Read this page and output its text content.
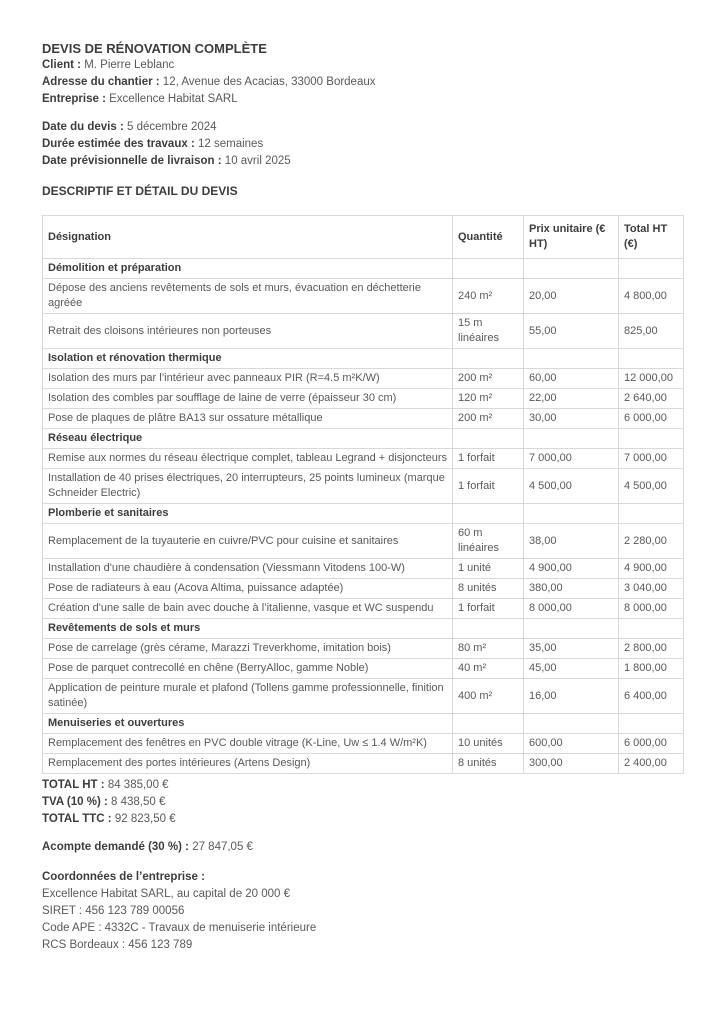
DEVIS DE RÉNOVATION COMPLÈTE

Client : M. Pierre Leblanc

Adresse du chantier : 12, Avenue des Acacias, 33000 Bordeaux

Entreprise : Excellence Habitat SARL

Date du devis : 5 décembre 2024

Durée estimée des travaux : 12 semaines

Date prévisionnelle de livraison : 10 avril 2025

DESCRIPTIF ET DÉTAIL DU DEVIS
Désignation	Quantité	Prix unitaire (€ HT)	Total HT (€)
Démolition et préparation			
Dépose des anciens revêtements de sols et murs, évacuation en déchetterie agréée	240 m²	20,00	4 800,00
Retrait des cloisons intérieures non porteuses	15 m linéaires	55,00	825,00
Isolation et rénovation thermique			
Isolation des murs par l’intérieur avec panneaux PIR (R=4.5 m²K/W)	200 m²	60,00	12 000,00
Isolation des combles par soufflage de laine de verre (épaisseur 30 cm)	120 m²	22,00	2 640,00
Pose de plaques de plâtre BA13 sur ossature métallique	200 m²	30,00	6 000,00
Réseau électrique			
Remise aux normes du réseau électrique complet, tableau Legrand + disjoncteurs	1 forfait	7 000,00	7 000,00
Installation de 40 prises électriques, 20 interrupteurs, 25 points lumineux (marque Schneider Electric)	1 forfait	4 500,00	4 500,00
Plomberie et sanitaires			
Remplacement de la tuyauterie en cuivre/PVC pour cuisine et sanitaires	60 m linéaires	38,00	2 280,00
Installation d'une chaudière à condensation (Viessmann Vitodens 100-W)	1 unité	4 900,00	4 900,00
Pose de radiateurs à eau (Acova Altima, puissance adaptée)	8 unités	380,00	3 040,00
Création d'une salle de bain avec douche à l’italienne, vasque et WC suspendu	1 forfait	8 000,00	8 000,00
Revêtements de sols et murs			
Pose de carrelage (grès cérame, Marazzi Treverkhome, imitation bois)	80 m²	35,00	2 800,00
Pose de parquet contrecollé en chêne (BerryAlloc, gamme Noble)	40 m²	45,00	1 800,00
Application de peinture murale et plafond (Tollens gamme professionnelle, finition satinée)	400 m²	16,00	6 400,00
Menuiseries et ouvertures			
Remplacement des fenêtres en PVC double vitrage (K-Line, Uw ≤ 1.4 W/m²K)	10 unités	600,00	6 000,00
Remplacement des portes intérieures (Artens Design)	8 unités	300,00	2 400,00

TOTAL HT : 84 385,00 €

TVA (10 %) : 8 438,50 €

TOTAL TTC : 92 823,50 €

Acompte demandé (30 %) : 27 847,05 €

Coordonnées de l’entreprise :

Excellence Habitat SARL, au capital de 20 000 €

SIRET : 456 123 789 00056

Code APE : 4332C - Travaux de menuiserie intérieure

RCS Bordeaux : 456 123 789
